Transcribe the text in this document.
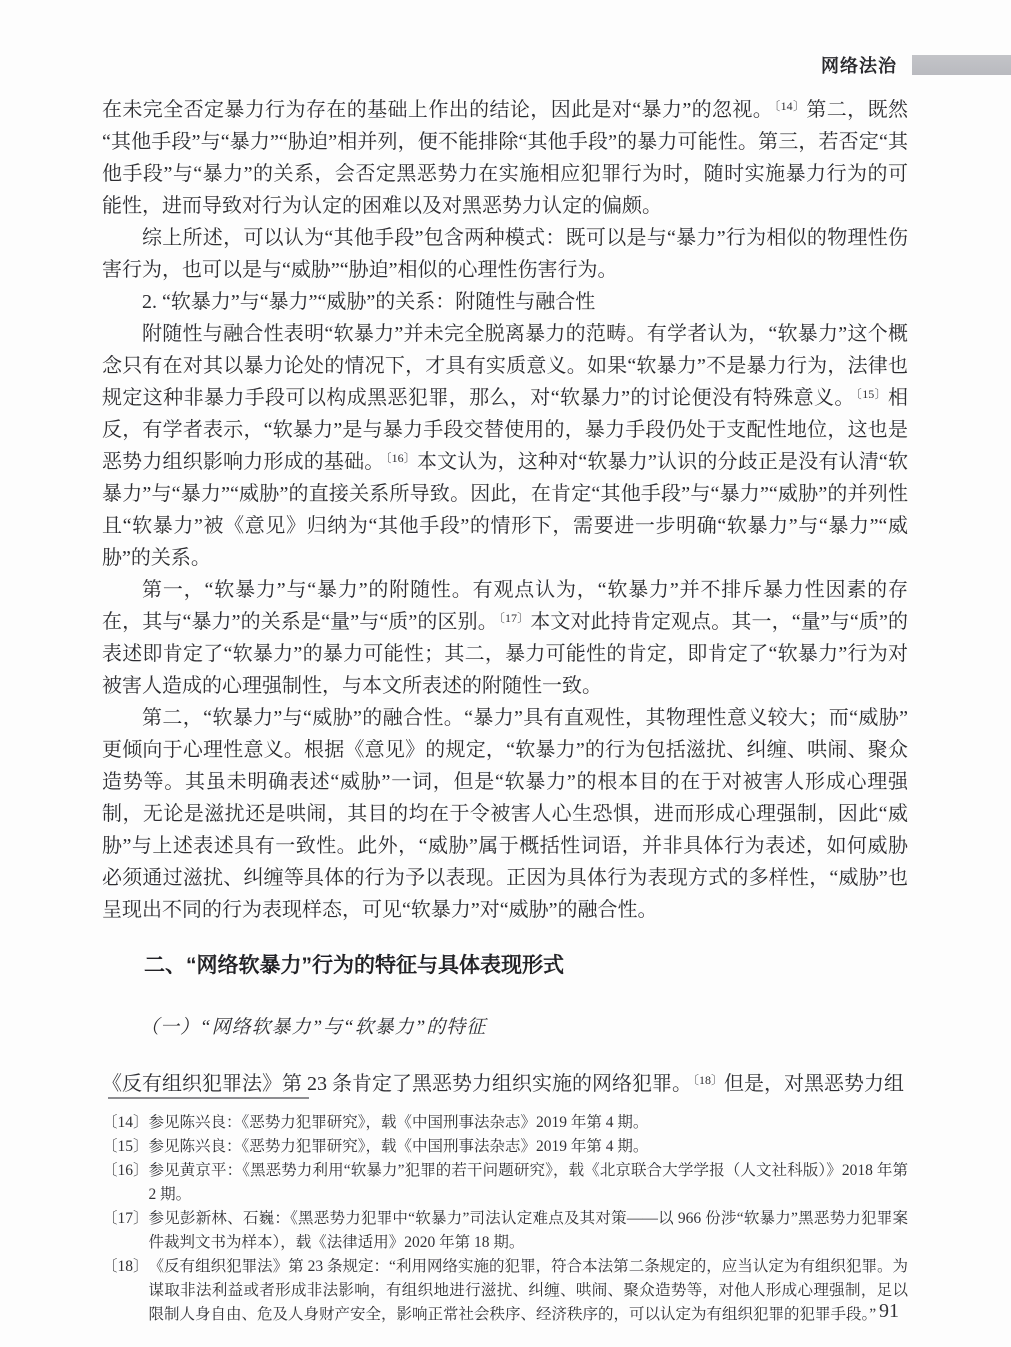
网络法治

在未完全否定暴力行为存在的基础上作出的结论，因此是对“暴力”的忽视。$^{〔14〕}$第二，既然“其他手段”与“暴力”“胁迫”相并列，便不能排除“其他手段”的暴力可能性。第三，若否定“其他手段”与“暴力”的关系，会否定黑恶势力在实施相应犯罪行为时，随时实施暴力行为的可能性，进而导致对行为认定的困难以及对黑恶势力认定的偏颇。

综上所述，可以认为“其他手段”包含两种模式：既可以是与“暴力”行为相似的物理性伤害行为，也可以是与“威胁”“胁迫”相似的心理性伤害行为。

2. “软暴力”与“暴力”“威胁”的关系：附随性与融合性

附随性与融合性表明“软暴力”并未完全脱离暴力的范畴。有学者认为，“软暴力”这个概念只有在对其以暴力论处的情况下，才具有实质意义。如果“软暴力”不是暴力行为，法律也规定这种非暴力手段可以构成黑恶犯罪，那么，对“软暴力”的讨论便没有特殊意义。$^{〔15〕}$相反，有学者表示，“软暴力”是与暴力手段交替使用的，暴力手段仍处于支配性地位，这也是恶势力组织影响力形成的基础。$^{〔16〕}$本文认为，这种对“软暴力”认识的分歧正是没有认清“软暴力”与“暴力”“威胁”的直接关系所导致。因此，在肯定“其他手段”与“暴力”“威胁”的并列性且“软暴力”被《意见》归纳为“其他手段”的情形下，需要进一步明确“软暴力”与“暴力”“威胁”的关系。

第一，“软暴力”与“暴力”的附随性。有观点认为，“软暴力”并不排斥暴力性因素的存在，其与“暴力”的关系是“量”与“质”的区别。$^{〔17〕}$本文对此持肯定观点。其一，“量”与“质”的表述即肯定了“软暴力”的暴力可能性；其二，暴力可能性的肯定，即肯定了“软暴力”行为对被害人造成的心理强制性，与本文所表述的附随性一致。

第二，“软暴力”与“威胁”的融合性。“暴力”具有直观性，其物理性意义较大；而“威胁”更倾向于心理性意义。根据《意见》的规定，“软暴力”的行为包括滋扰、纠缠、哄闹、聚众造势等。其虽未明确表述“威胁”一词，但是“软暴力”的根本目的在于对被害人形成心理强制，无论是滋扰还是哄闹，其目的均在于令被害人心生恐惧，进而形成心理强制，因此“威胁”与上述表述具有一致性。此外，“威胁”属于概括性词语，并非具体行为表述，如何威胁必须通过滋扰、纠缠等具体的行为予以表现。正因为具体行为表现方式的多样性，“威胁”也呈现出不同的行为表现样态，可见“软暴力”对“威胁”的融合性。

二、“网络软暴力”行为的特征与具体表现形式
（一）“网络软暴力”与“软暴力”的特征

《反有组织犯罪法》第 23 条肯定了黑恶势力组织实施的网络犯罪。$^{〔18〕}$但是，对黑恶势力组

〔14〕 参见陈兴良：《恶势力犯罪研究》，载《中国刑事法杂志》2019 年第 4 期。
〔15〕 参见陈兴良：《恶势力犯罪研究》，载《中国刑事法杂志》2019 年第 4 期。
〔16〕 参见黄京平：《黑恶势力利用“软暴力”犯罪的若干问题研究》，载《北京联合大学学报（人文社科版）》2018 年第 2 期。
〔17〕 参见彭新林、石巍：《黑恶势力犯罪中“软暴力”司法认定难点及其对策——以 966 份涉“软暴力”黑恶势力犯罪案件裁判文书为样本），载《法律适用》2020 年第 18 期。
〔18〕 《反有组织犯罪法》第 23 条规定：“利用网络实施的犯罪，符合本法第二条规定的，应当认定为有组织犯罪。为谋取非法利益或者形成非法影响，有组织地进行滋扰、纠缠、哄闹、聚众造势等，对他人形成心理强制，足以限制人身自由、危及人身财产安全，影响正常社会秩序、经济秩序的，可以认定为有组织犯罪的犯罪手段。” 91
